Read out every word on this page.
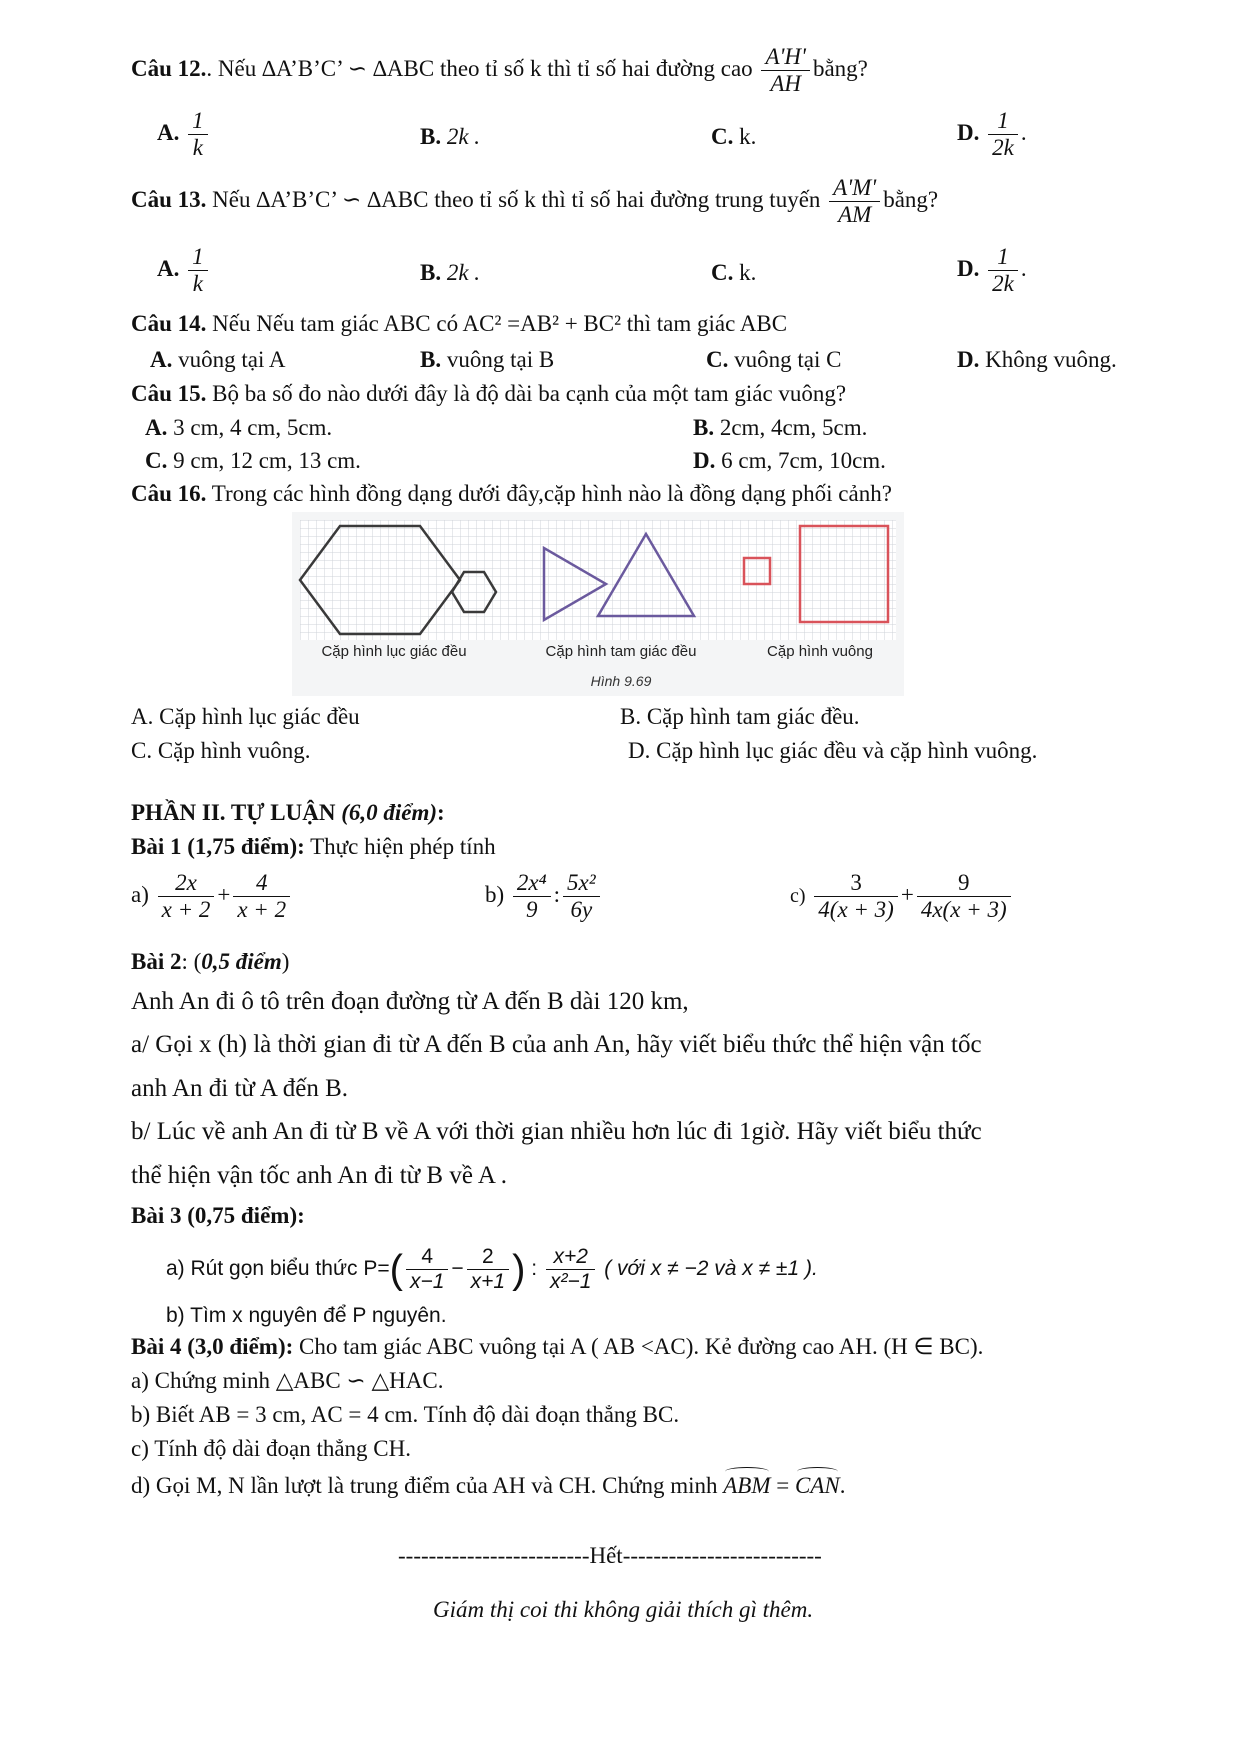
Câu 12.. Nếu ∆A’B’C’ ∽ ∆ABC theo tỉ số k thì tỉ số hai đường cao $\frac{A'H'}{AH}$ bằng?
A. $\frac{1}{k}$	B. 2k .	C. k.	D. $\frac{1}{2k}$ .
Câu 13. Nếu ∆A’B’C’ ∽ ∆ABC theo tỉ số k thì tỉ số hai đường trung tuyến $\frac{A'M'}{AM}$ bằng?
A. $\frac{1}{k}$	B. 2k .	C. k.	D. $\frac{1}{2k}$ .
Câu 14. Nếu Nếu tam giác ABC có AC² =AB² + BC² thì tam giác ABC
A. vuông tại A	B. vuông tại B	C. vuông tại C	D. Không vuông.
Câu 15. Bộ ba số đo nào dưới đây là độ dài ba cạnh của một tam giác vuông?
A. 3 cm, 4 cm, 5cm.	B. 2cm, 4cm, 5cm.
C. 9 cm, 12 cm, 13 cm.	D. 6 cm, 7cm, 10cm.
Câu 16. Trong các hình đồng dạng dưới đây,cặp hình nào là đồng dạng phối cảnh?
Cặp hình lục giác đều	Cặp hình tam giác đều	Cặp hình vuông
Hình 9.69
A. Cặp hình lục giác đều	B. Cặp hình tam giác đều.
C. Cặp hình vuông.	D. Cặp hình lục giác đều và cặp hình vuông.
PHẦN II. TỰ LUẬN (6,0 điểm):
Bài 1 (1,75 điểm): Thực hiện phép tính
$a) \frac{2x}{x + 2} + \frac{4}{x + 2}$	$b) \frac{\text{2x⁴}}{9}$ : $\frac{\text{5x²}}{6y}$	$c) \frac{3}{4(x + 3)} + \frac{9}{4x(x + 3)}$
Bài 2: (0,5 điểm)
Anh An đi ô tô trên đoạn đường từ A đến B dài 120 km,
a/ Gọi x (h) là thời gian đi từ A đến B của anh An, hãy viết biểu thức thể hiện vận tốc
anh An đi từ A đến B.
b/ Lúc về anh An đi từ B về A với thời gian nhiều hơn lúc đi 1giờ. Hãy viết biểu thức
thể hiện vận tốc anh An đi từ B về A .
Bài 3 (0,75 điểm):
a) Rút gọn biểu thức $P=( \frac{4}{x-1} - \frac{2}{x+1}$ ) : $\frac{x+2}{\text{x²−1}}$ ( với x ≠ −2 và x ≠ ±1 ).
b) Tìm x nguyên để P nguyên.
Bài 4 (3,0 điểm): Cho tam giác ABC vuông tại A ( AB <AC). Kẻ đường cao AH. (H ∈ BC).
a) Chứng minh △ABC ∽ △HAC.
b) Biết AB = 3 cm, AC = 4 cm. Tính độ dài đoạn thẳng BC.
c) Tính độ dài đoạn thẳng CH.
d) Gọi M, N lần lượt là trung điểm của AH và CH. Chứng minh ABM = CAN.
-------------------------Hết--------------------------
Giám thị coi thi không giải thích gì thêm.
